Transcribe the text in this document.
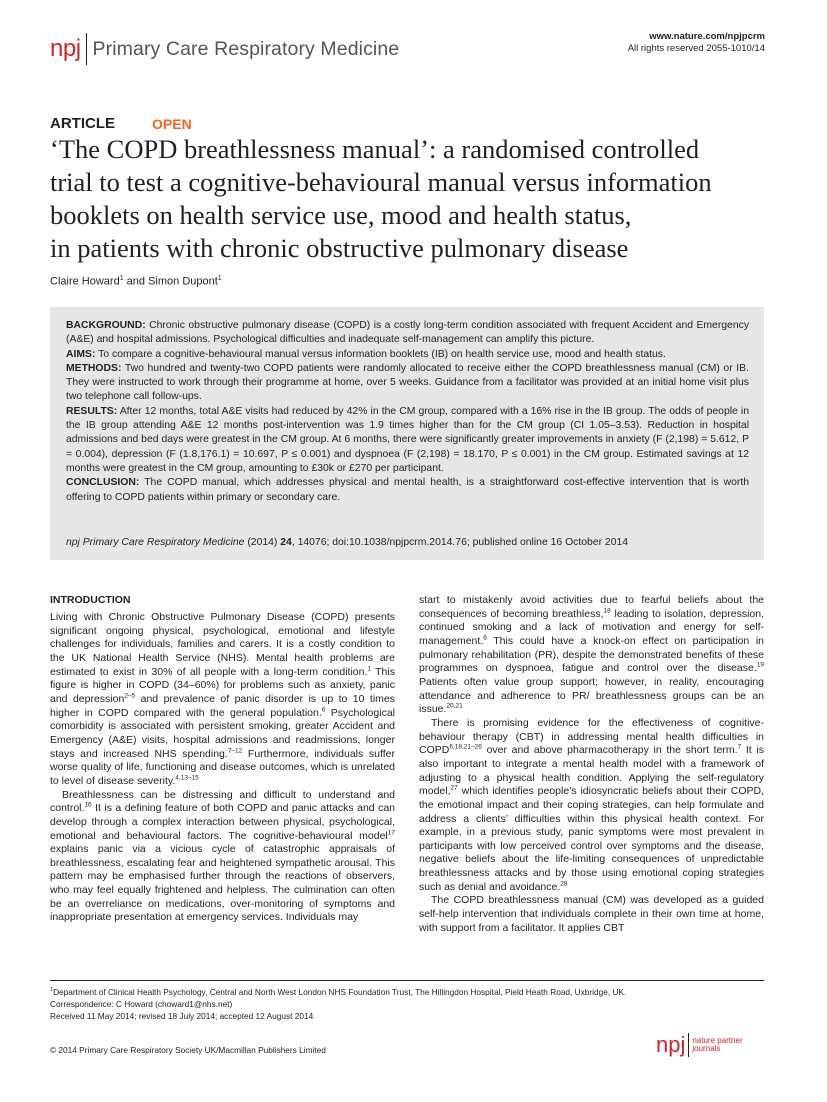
npj Primary Care Respiratory Medicine
www.nature.com/npjpcrm
All rights reserved 2055-1010/14
ARTICLE	OPEN
‘The COPD breathlessness manual’: a randomised controlled
trial to test a cognitive-behavioural manual versus information
booklets on health service use, mood and health status,
in patients with chronic obstructive pulmonary disease
Claire Howard$^1$ and Simon Dupont$^1$

BACKGROUND: Chronic obstructive pulmonary disease (COPD) is a costly long-term condition associated with frequent Accident and Emergency (A&E) and hospital admissions. Psychological difficulties and inadequate self-management can amplify this picture.

AIMS: To compare a cognitive-behavioural manual versus information booklets (IB) on health service use, mood and health status.

METHODS: Two hundred and twenty-two COPD patients were randomly allocated to receive either the COPD breathlessness manual (CM) or IB. They were instructed to work through their programme at home, over 5 weeks. Guidance from a facilitator was provided at an initial home visit plus two telephone call follow-ups.

RESULTS: After 12 months, total A&E visits had reduced by 42% in the CM group, compared with a 16% rise in the IB group. The odds of people in the IB group attending A&E 12 months post-intervention was 1.9 times higher than for the CM group (CI 1.05–3.53). Reduction in hospital admissions and bed days were greatest in the CM group. At 6 months, there were significantly greater improvements in anxiety (F (2,198) = 5.612, P = 0.004), depression (F (1.8,176.1) = 10.697, P ≤ 0.001) and dyspnoea (F (2,198) = 18.170, P ≤ 0.001) in the CM group. Estimated savings at 12 months were greatest in the CM group, amounting to £30k or £270 per participant.

CONCLUSION: The COPD manual, which addresses physical and mental health, is a straightforward cost-effective intervention that is worth offering to COPD patients within primary or secondary care.

npj Primary Care Respiratory Medicine (2014) 24, 14076; doi:10.1038/npjpcrm.2014.76; published online 16 October 2014
INTRODUCTION

Living with Chronic Obstructive Pulmonary Disease (COPD) presents significant ongoing physical, psychological, emotional and lifestyle challenges for individuals, families and carers. It is a costly condition to the UK National Health Service (NHS). Mental health problems are estimated to exist in 30% of all people with a long-term condition.$^1$ This figure is higher in COPD (34–60%) for problems such as anxiety, panic and depression$^{2-5}$ and prevalence of panic disorder is up to 10 times higher in COPD compared with the general population.$^6$ Psychological comorbidity is associated with persistent smoking, greater Accident and Emergency (A&E) visits, hospital admissions and readmissions, longer stays and increased NHS spending.$^{7-12}$ Furthermore, individuals suffer worse quality of life, functioning and disease outcomes, which is unrelated to level of disease severity.$^{4,13-15}$

Breathlessness can be distressing and difficult to understand and control.$^{16}$ It is a defining feature of both COPD and panic attacks and can develop through a complex interaction between physical, psychological, emotional and behavioural factors. The cognitive-behavioural model$^{17}$ explains panic via a vicious cycle of catastrophic appraisals of breathlessness, escalating fear and heightened sympathetic arousal. This pattern may be emphasised further through the reactions of observers, who may feel equally frightened and helpless. The culmination can often be an overreliance on medications, over-monitoring of symptoms and inappropriate presentation at emergency services. Individuals may

start to mistakenly avoid activities due to fearful beliefs about the consequences of becoming breathless,$^{18}$ leading to isolation, depression, continued smoking and a lack of motivation and energy for self-management.$^6$ This could have a knock-on effect on participation in pulmonary rehabilitation (PR), despite the demonstrated benefits of these programmes on dyspnoea, fatigue and control over the disease.$^{19}$ Patients often value group support; however, in reality, encouraging attendance and adherence to PR/ breathlessness groups can be an issue.$^{20,21}$

There is promising evidence for the effectiveness of cognitive-behaviour therapy (CBT) in addressing mental health difficulties in COPD$^{6,18,21-26}$ over and above pharmacotherapy in the short term.$^7$ It is also important to integrate a mental health model with a framework of adjusting to a physical health condition. Applying the self-regulatory model,$^{27}$ which identifies people’s idiosyncratic beliefs about their COPD, the emotional impact and their coping strategies, can help formulate and address a clients’ difficulties within this physical health context. For example, in a previous study, panic symptoms were most prevalent in participants with low perceived control over symptoms and the disease, negative beliefs about the life-limiting consequences of unpredictable breathlessness attacks and by those using emotional coping strategies such as denial and avoidance.$^{28}$

The COPD breathlessness manual (CM) was developed as a guided self-help intervention that individuals complete in their own time at home, with support from a facilitator. It applies CBT

$^1$Department of Clinical Health Psychology, Central and North West London NHS Foundation Trust, The Hillingdon Hospital, Pield Heath Road, Uxbridge, UK.
Correspondence: C Howard (choward1@nhs.net)
Received 11 May 2014; revised 18 July 2014; accepted 12 August 2014
© 2014 Primary Care Respiratory Society UK/Macmillan Publishers Limited	npj nature partner
journals
